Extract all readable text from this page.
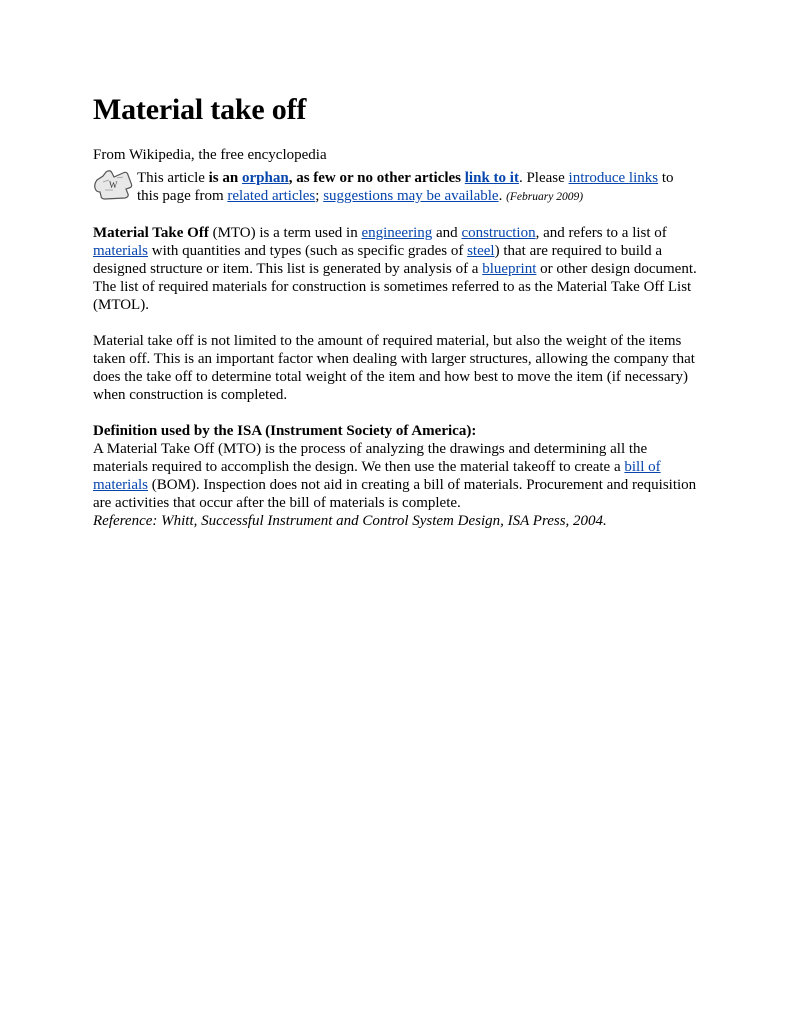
Material take off
From Wikipedia, the free encyclopedia
W This article is an orphan, as few or no other articles link to it. Please introduce links to this page from related articles; suggestions may be available. (February 2009)

Material Take Off (MTO) is a term used in engineering and construction, and refers to a list of materials with quantities and types (such as specific grades of steel) that are required to build a designed structure or item. This list is generated by analysis of a blueprint or other design document. The list of required materials for construction is sometimes referred to as the Material Take Off List (MTOL).

Material take off is not limited to the amount of required material, but also the weight of the items taken off. This is an important factor when dealing with larger structures, allowing the company that does the take off to determine total weight of the item and how best to move the item (if necessary) when construction is completed.

Definition used by the ISA (Instrument Society of America):

A Material Take Off (MTO) is the process of analyzing the drawings and determining all the materials required to accomplish the design. We then use the material takeoff to create a bill of materials (BOM). Inspection does not aid in creating a bill of materials. Procurement and requisition are activities that occur after the bill of materials is complete.

Reference: Whitt, Successful Instrument and Control System Design, ISA Press, 2004.
